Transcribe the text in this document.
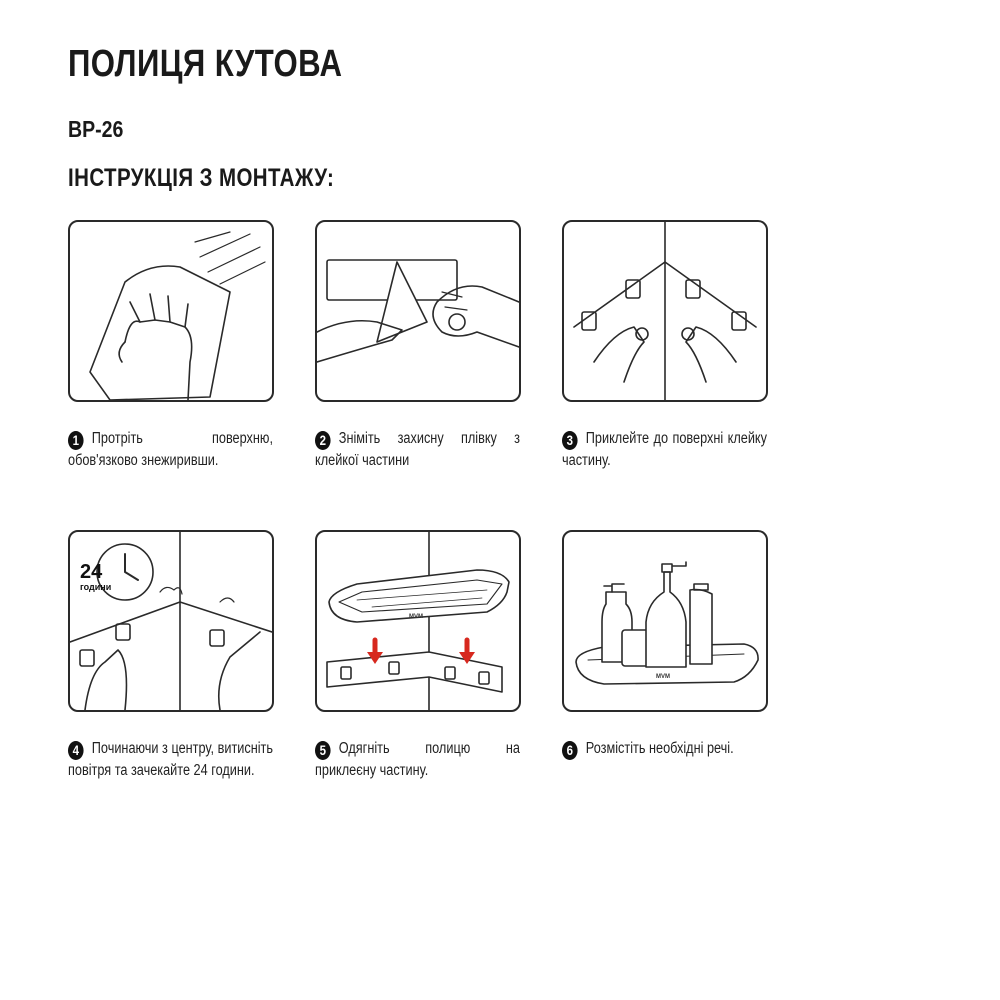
ПОЛИЦЯ КУТОВА
BP-26
ІНСТРУКЦІЯ З МОНТАЖУ:
1 Протріть поверхню, обов'язково знежиривши.
2 Зніміть захисну плівку з клейкої частини
3 Приклейте до поверхні клейку частину.
24
години
4 Починаючи з центру, витисніть повітря та зачекайте 24 години.
MVM
5 Одягніть полицю на приклеєну частину.
MVM
6 Розмістіть необхідні речі.
